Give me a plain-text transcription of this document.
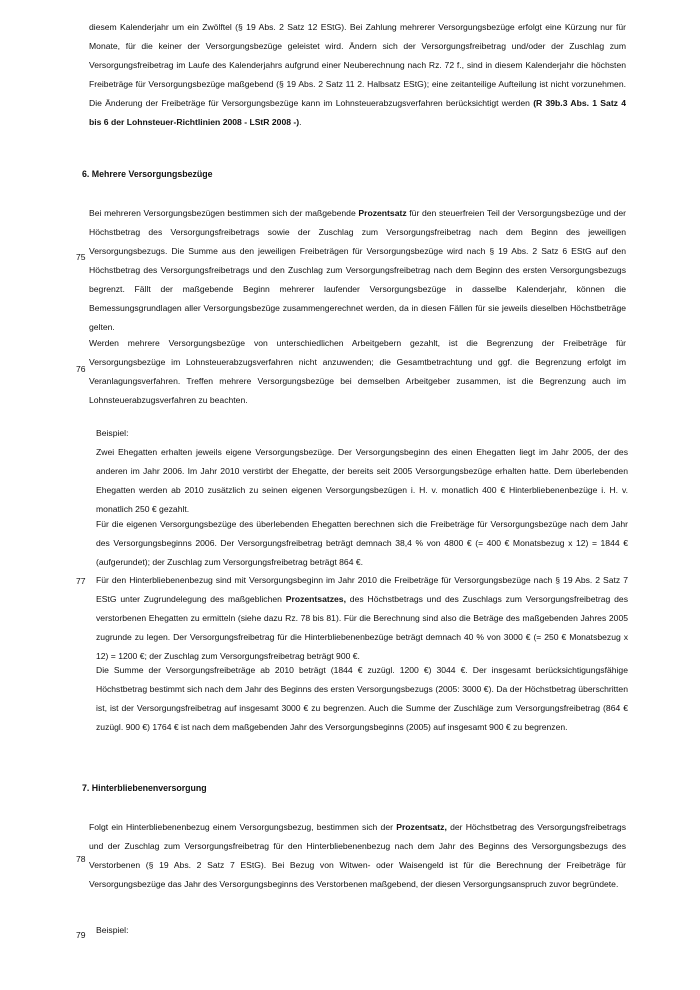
diesem Kalenderjahr um ein Zwölftel (§ 19 Abs. 2 Satz 12 EStG). Bei Zahlung mehrerer Versorgungsbezüge erfolgt eine Kürzung nur für Monate, für die keiner der Versorgungsbezüge geleistet wird. Ändern sich der Versorgungsfreibetrag und/oder der Zuschlag zum Versorgungsfreibetrag im Laufe des Kalenderjahrs aufgrund einer Neuberechnung nach Rz. 72 f., sind in diesem Kalenderjahr die höchsten Freibeträge für Versorgungsbezüge maßgebend (§ 19 Abs. 2 Satz 11 2. Halbsatz EStG); eine zeitanteilige Aufteilung ist nicht vorzunehmen. Die Änderung der Freibeträge für Versorgungsbezüge kann im Lohnsteuerabzugsverfahren berücksichtigt werden (R 39b.3 Abs. 1 Satz 4 bis 6 der Lohnsteuer-Richtlinien 2008 - LStR 2008 -).

6. Mehrere Versorgungsbezüge
75

Bei mehreren Versorgungsbezügen bestimmen sich der maßgebende Prozentsatz für den steuerfreien Teil der Versorgungsbezüge und der Höchstbetrag des Versorgungsfreibetrags sowie der Zuschlag zum Versorgungsfreibetrag nach dem Beginn des jeweiligen Versorgungsbezugs. Die Summe aus den jeweiligen Freibeträgen für Versorgungsbezüge wird nach § 19 Abs. 2 Satz 6 EStG auf den Höchstbetrag des Versorgungsfreibetrags und den Zuschlag zum Versorgungsfreibetrag nach dem Beginn des ersten Versorgungsbezugs begrenzt. Fällt der maßgebende Beginn mehrerer laufender Versorgungsbezüge in dasselbe Kalenderjahr, können die Bemessungsgrundlagen aller Versorgungsbezüge zusammengerechnet werden, da in diesen Fällen für sie jeweils dieselben Höchstbeträge gelten.

76

Werden mehrere Versorgungsbezüge von unterschiedlichen Arbeitgebern gezahlt, ist die Begrenzung der Freibeträge für Versorgungsbezüge im Lohnsteuerabzugsverfahren nicht anzuwenden; die Gesamtbetrachtung und ggf. die Begrenzung erfolgt im Veranlagungsverfahren. Treffen mehrere Versorgungsbezüge bei demselben Arbeitgeber zusammen, ist die Begrenzung auch im Lohnsteuerabzugsverfahren zu beachten.

77

Beispiel:

Zwei Ehegatten erhalten jeweils eigene Versorgungsbezüge. Der Versorgungsbeginn des einen Ehegatten liegt im Jahr 2005, der des anderen im Jahr 2006. Im Jahr 2010 verstirbt der Ehegatte, der bereits seit 2005 Versorgungsbezüge erhalten hatte. Dem überlebenden Ehegatten werden ab 2010 zusätzlich zu seinen eigenen Versorgungsbezügen i. H. v. monatlich 400 € Hinterbliebenenbezüge i. H. v. monatlich 250 € gezahlt.

Für die eigenen Versorgungsbezüge des überlebenden Ehegatten berechnen sich die Freibeträge für Versorgungsbezüge nach dem Jahr des Versorgungsbeginns 2006. Der Versorgungsfreibetrag beträgt demnach 38,4 % von 4800 € (= 400 € Monatsbezug x 12) = 1844 € (aufgerundet); der Zuschlag zum Versorgungsfreibetrag beträgt 864 €.

Für den Hinterbliebenenbezug sind mit Versorgungsbeginn im Jahr 2010 die Freibeträge für Versorgungsbezüge nach § 19 Abs. 2 Satz 7 EStG unter Zugrundelegung des maßgeblichen Prozentsatzes, des Höchstbetrags und des Zuschlags zum Versorgungsfreibetrag des verstorbenen Ehegatten zu ermitteln (siehe dazu Rz. 78 bis 81). Für die Berechnung sind also die Beträge des maßgebenden Jahres 2005 zugrunde zu legen. Der Versorgungsfreibetrag für die Hinterbliebenenbezüge beträgt demnach 40 % von 3000 € (= 250 € Monatsbezug x 12) = 1200 €; der Zuschlag zum Versorgungsfreibetrag beträgt 900 €.

Die Summe der Versorgungsfreibeträge ab 2010 beträgt (1844 € zuzügl. 1200 €) 3044 €. Der insgesamt berücksichtigungsfähige Höchstbetrag bestimmt sich nach dem Jahr des Beginns des ersten Versorgungsbezugs (2005: 3000 €). Da der Höchstbetrag überschritten ist, ist der Versorgungsfreibetrag auf insgesamt 3000 € zu begrenzen. Auch die Summe der Zuschläge zum Versorgungsfreibetrag (864 € zuzügl. 900 €) 1764 € ist nach dem maßgebenden Jahr des Versorgungsbeginns (2005) auf insgesamt 900 € zu begrenzen.

7. Hinterbliebenenversorgung
78

Folgt ein Hinterbliebenenbezug einem Versorgungsbezug, bestimmen sich der Prozentsatz, der Höchstbetrag des Versorgungsfreibetrags und der Zuschlag zum Versorgungsfreibetrag für den Hinterbliebenenbezug nach dem Jahr des Beginns des Versorgungsbezugs des Verstorbenen (§ 19 Abs. 2 Satz 7 EStG). Bei Bezug von Witwen- oder Waisengeld ist für die Berechnung der Freibeträge für Versorgungsbezüge das Jahr des Versorgungsbeginns des Verstorbenen maßgebend, der diesen Versorgungsanspruch zuvor begründete.

79 Beispiel:
